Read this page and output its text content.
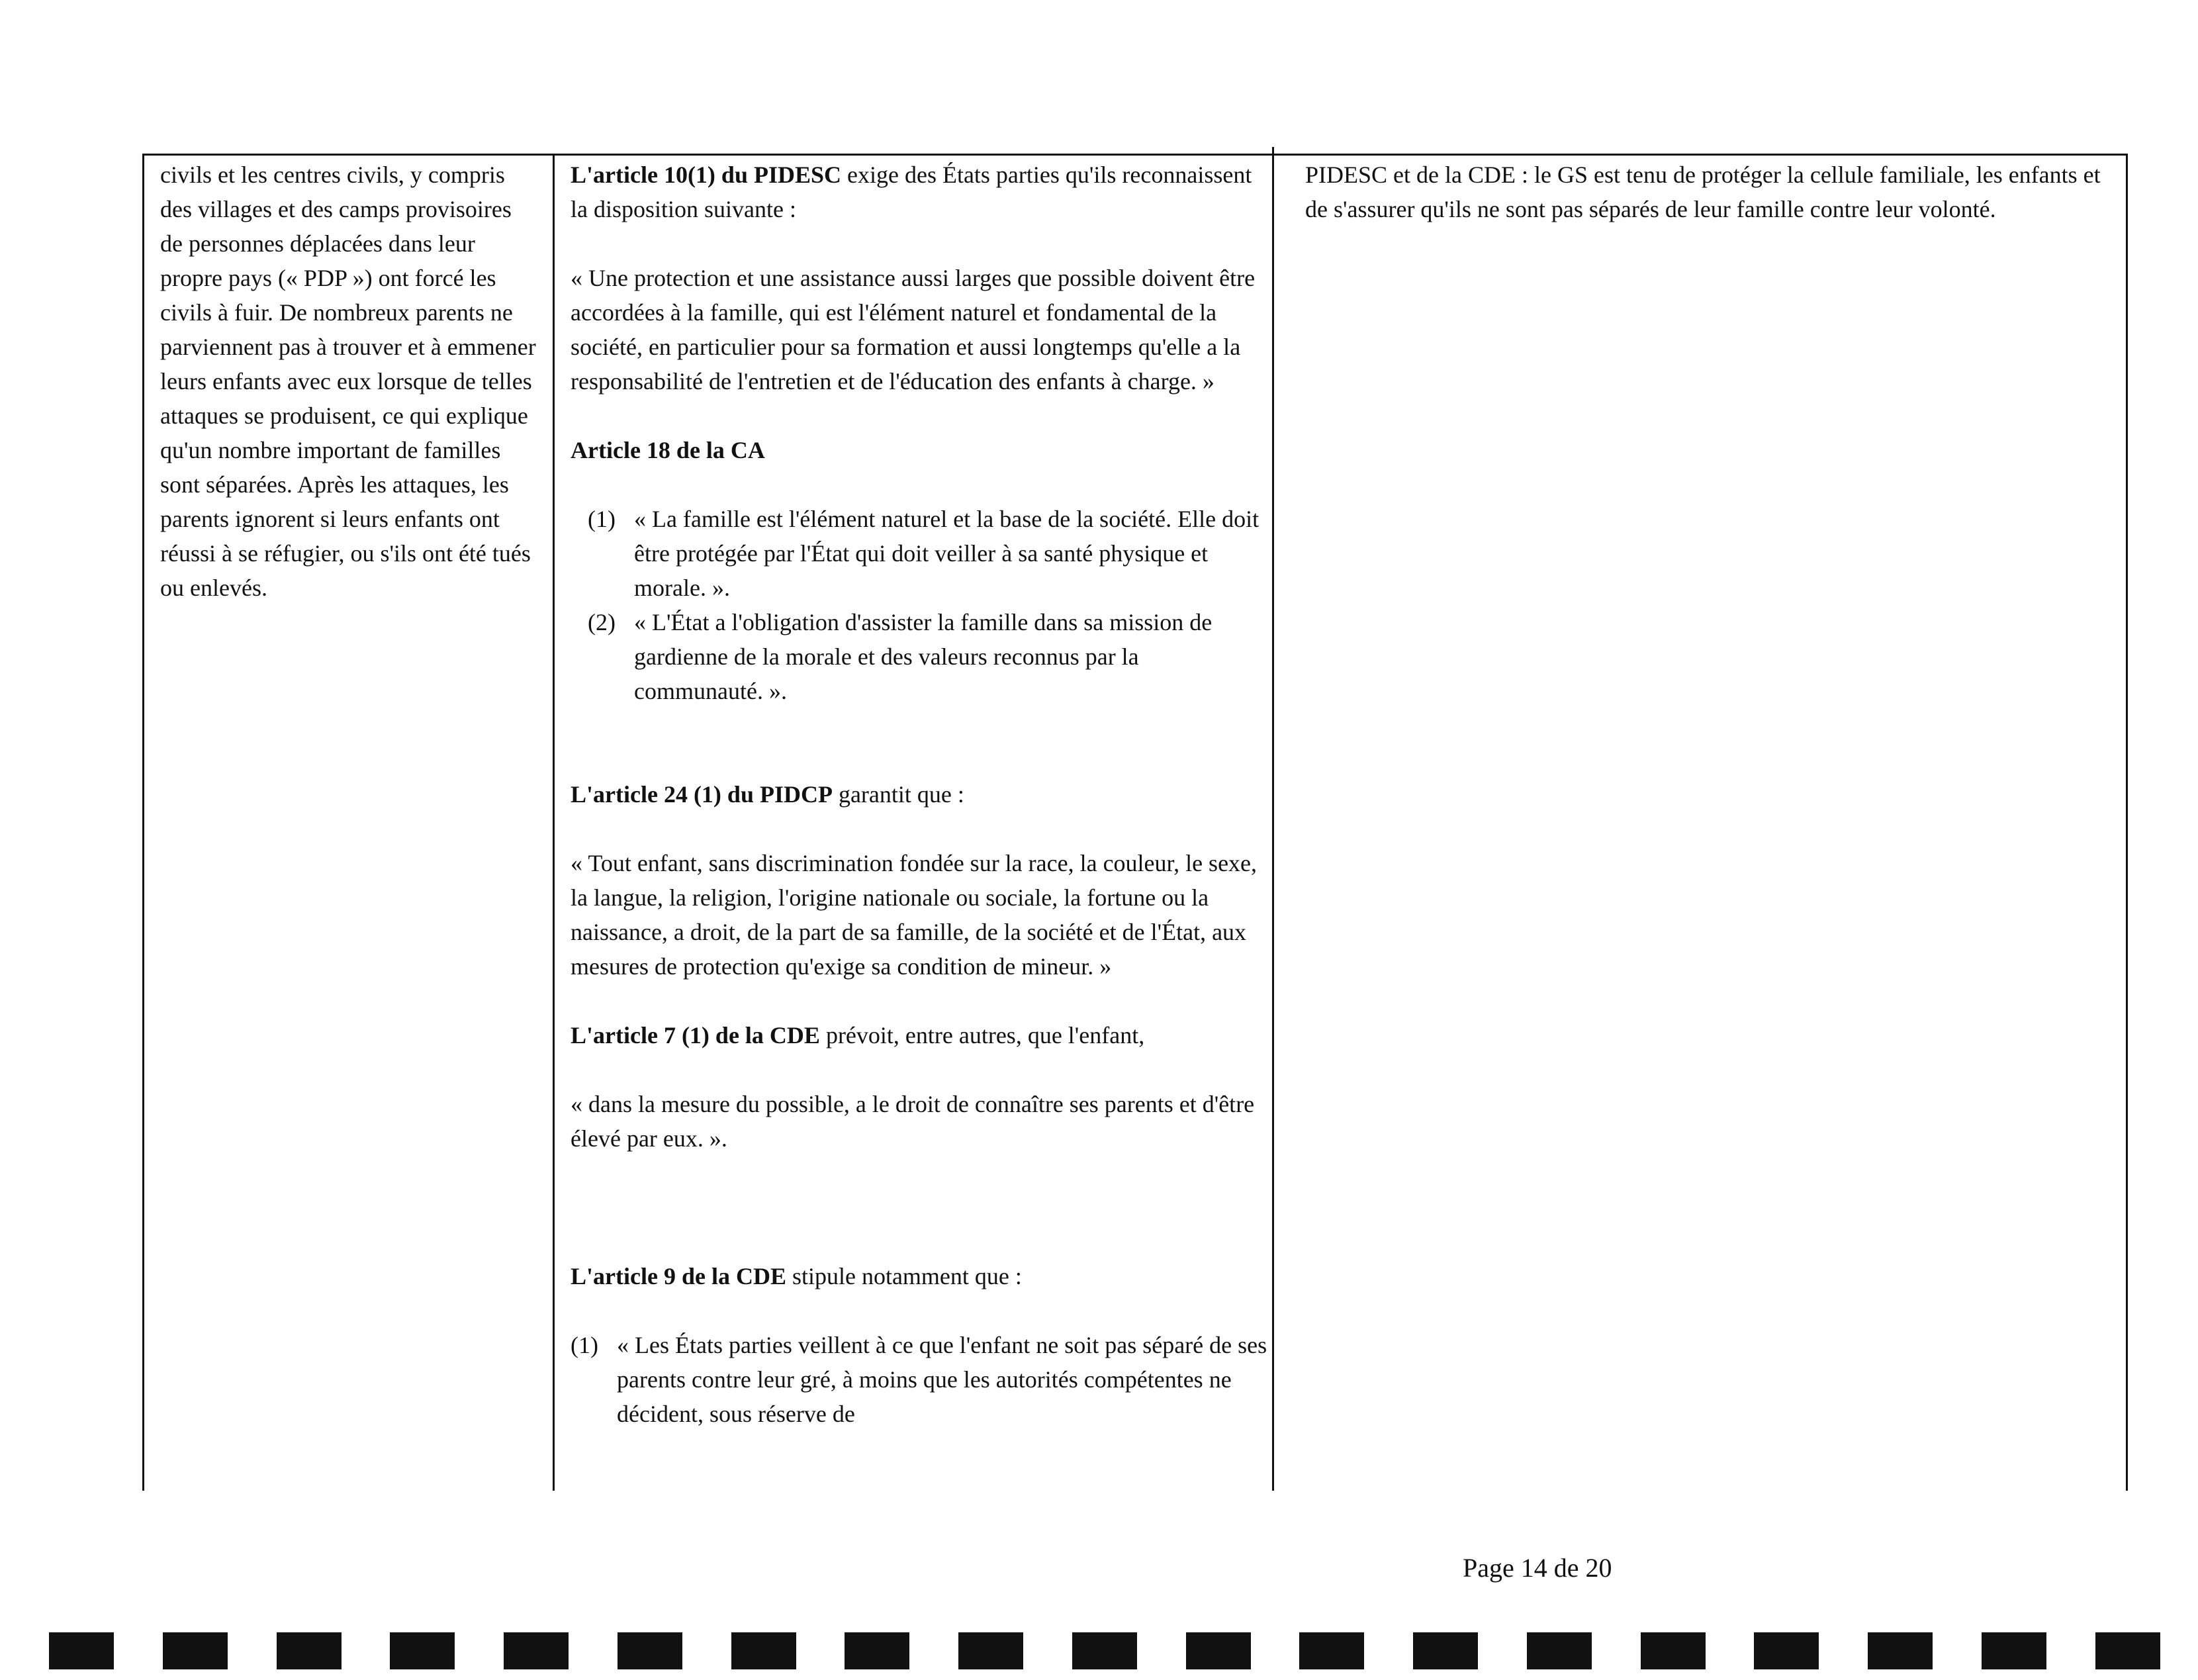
civils et les centres civils, y compris des villages et des camps provisoires de personnes déplacées dans leur propre pays (« PDP ») ont forcé les civils à fuir. De nombreux parents ne parviennent pas à trouver et à emmener leurs enfants avec eux lorsque de telles attaques se produisent, ce qui explique qu'un nombre important de familles sont séparées. Après les attaques, les parents ignorent si leurs enfants ont réussi à se réfugier, ou s'ils ont été tués ou enlevés.

L'article 10(1) du PIDESC exige des États parties qu'ils reconnaissent la disposition suivante :

« Une protection et une assistance aussi larges que possible doivent être accordées à la famille, qui est l'élément naturel et fondamental de la société, en particulier pour sa formation et aussi longtemps qu'elle a la responsabilité de l'entretien et de l'éducation des enfants à charge. »

Article 18 de la CA

(1) « La famille est l'élément naturel et la base de la société. Elle doit être protégée par l'État qui doit veiller à sa santé physique et morale. ».
(2) « L'État a l'obligation d'assister la famille dans sa mission de gardienne de la morale et des valeurs reconnus par la communauté. ».

L'article 24 (1) du PIDCP garantit que :

« Tout enfant, sans discrimination fondée sur la race, la couleur, le sexe, la langue, la religion, l'origine nationale ou sociale, la fortune ou la naissance, a droit, de la part de sa famille, de la société et de l'État, aux mesures de protection qu'exige sa condition de mineur. »

L'article 7 (1) de la CDE prévoit, entre autres, que l'enfant,

« dans la mesure du possible, a le droit de connaître ses parents et d'être élevé par eux. ».

L'article 9 de la CDE stipule notamment que :

(1) « Les États parties veillent à ce que l'enfant ne soit pas séparé de ses parents contre leur gré, à moins que les autorités compétentes ne décident, sous réserve de

PIDESC et de la CDE : le GS est tenu de protéger la cellule familiale, les enfants et de s'assurer qu'ils ne sont pas séparés de leur famille contre leur volonté.

Page 14 de 20
